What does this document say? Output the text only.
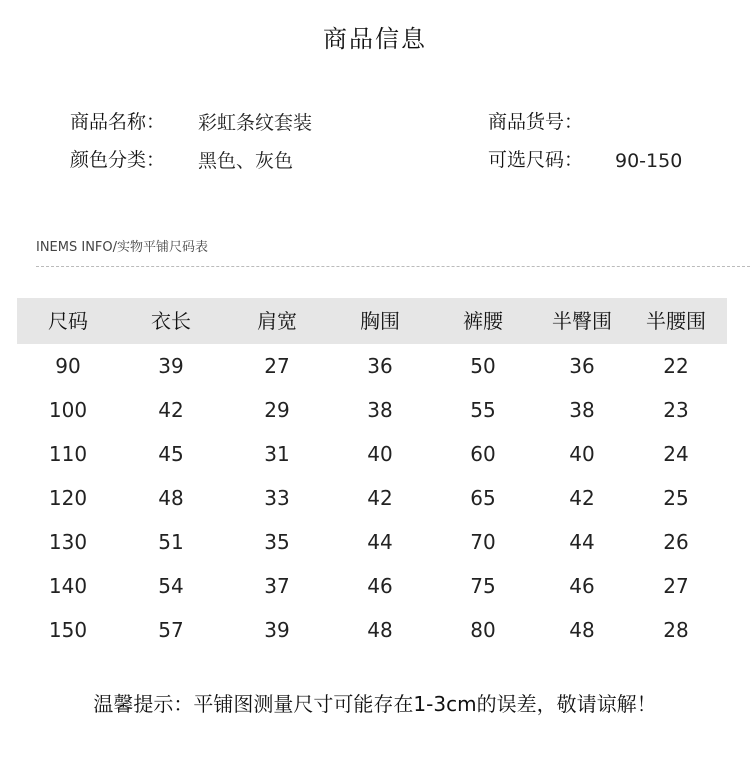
商品信息
商品名称： 彩虹条纹套装	商品货号：
颜色分类： 黑色、灰色	可选尺码： 90-150
INEMS INFO/实物平铺尺码表
尺码	衣长	肩宽	胸围	裤腰	半臀围	半腰围
90	39	27	36	50	36	22
100	42	29	38	55	38	23
110	45	31	40	60	40	24
120	48	33	42	65	42	25
130	51	35	44	70	44	26
140	54	37	46	75	46	27
150	57	39	48	80	48	28
温馨提示：平铺图测量尺寸可能存在1-3cm的误差，敬请谅解！
